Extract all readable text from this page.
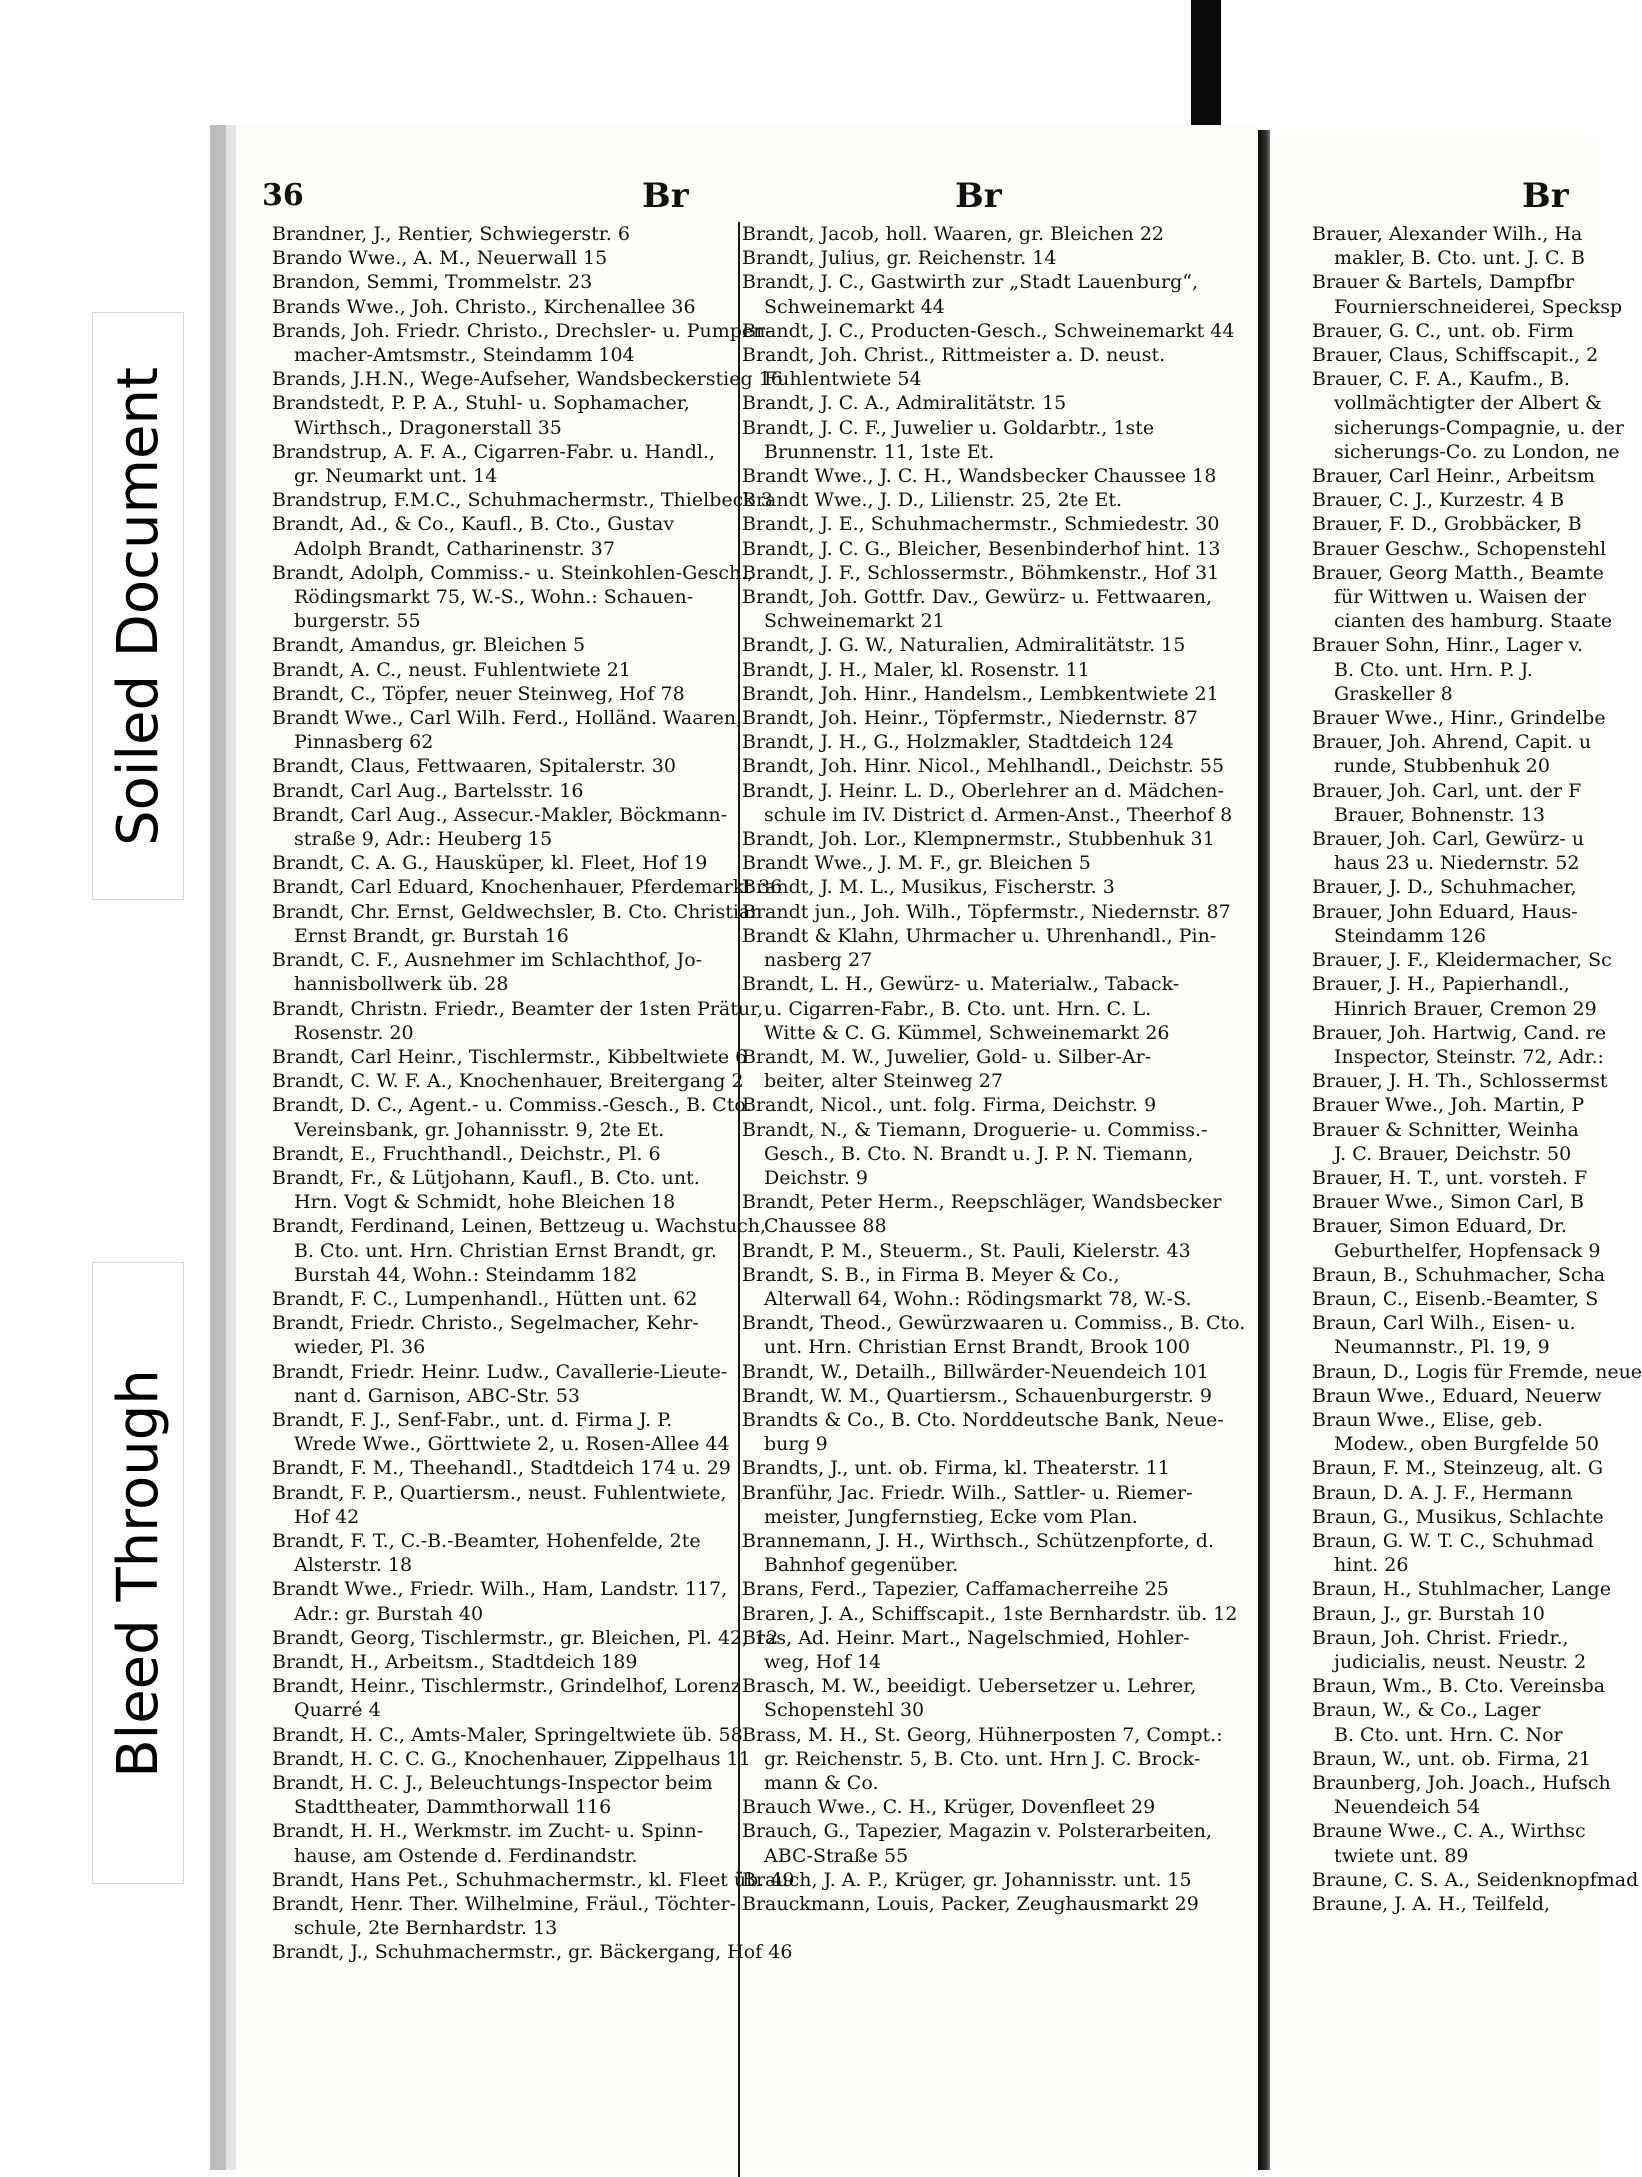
36	Br	Br	Br
Brandner, J., Rentier, Schwiegerstr. 6
Brando Wwe., A. M., Neuerwall 15
Brandon, Semmi, Trommelstr. 23
Brands Wwe., Joh. Christo., Kirchenallee 36
Brands, Joh. Friedr. Christo., Drechsler- u. Pumpen-
macher-Amtsmstr., Steindamm 104
Brands, J.H.N., Wege-Aufseher, Wandsbeckerstieg 16
Brandstedt, P. P. A., Stuhl- u. Sophamacher,
Wirthsch., Dragonerstall 35
Brandstrup, A. F. A., Cigarren-Fabr. u. Handl.,
gr. Neumarkt unt. 14
Brandstrup, F.M.C., Schuhmachermstr., Thielbeck 3
Brandt, Ad., & Co., Kaufl., B. Cto., Gustav
Adolph Brandt, Catharinenstr. 37
Brandt, Adolph, Commiss.- u. Steinkohlen-Gesch.,
Rödingsmarkt 75, W.-S., Wohn.: Schauen-
burgerstr. 55
Brandt, Amandus, gr. Bleichen 5
Brandt, A. C., neust. Fuhlentwiete 21
Brandt, C., Töpfer, neuer Steinweg, Hof 78
Brandt Wwe., Carl Wilh. Ferd., Holländ. Waaren,
Pinnasberg 62
Brandt, Claus, Fettwaaren, Spitalerstr. 30
Brandt, Carl Aug., Bartelsstr. 16
Brandt, Carl Aug., Assecur.-Makler, Böckmann-
straße 9, Adr.: Heuberg 15
Brandt, C. A. G., Hausküper, kl. Fleet, Hof 19
Brandt, Carl Eduard, Knochenhauer, Pferdemarkt 36
Brandt, Chr. Ernst, Geldwechsler, B. Cto. Christian
Ernst Brandt, gr. Burstah 16
Brandt, C. F., Ausnehmer im Schlachthof, Jo-
hannisbollwerk üb. 28
Brandt, Christn. Friedr., Beamter der 1sten Prätur,
Rosenstr. 20
Brandt, Carl Heinr., Tischlermstr., Kibbeltwiete 6
Brandt, C. W. F. A., Knochenhauer, Breitergang 2
Brandt, D. C., Agent.- u. Commiss.-Gesch., B. Cto.
Vereinsbank, gr. Johannisstr. 9, 2te Et.
Brandt, E., Fruchthandl., Deichstr., Pl. 6
Brandt, Fr., & Lütjohann, Kaufl., B. Cto. unt.
Hrn. Vogt & Schmidt, hohe Bleichen 18
Brandt, Ferdinand, Leinen, Bettzeug u. Wachstuch,
B. Cto. unt. Hrn. Christian Ernst Brandt, gr.
Burstah 44, Wohn.: Steindamm 182
Brandt, F. C., Lumpenhandl., Hütten unt. 62
Brandt, Friedr. Christo., Segelmacher, Kehr-
wieder, Pl. 36
Brandt, Friedr. Heinr. Ludw., Cavallerie-Lieute-
nant d. Garnison, ABC-Str. 53
Brandt, F. J., Senf-Fabr., unt. d. Firma J. P.
Wrede Wwe., Görttwiete 2, u. Rosen-Allee 44
Brandt, F. M., Theehandl., Stadtdeich 174 u. 29
Brandt, F. P., Quartiersm., neust. Fuhlentwiete,
Hof 42
Brandt, F. T., C.-B.-Beamter, Hohenfelde, 2te
Alsterstr. 18
Brandt Wwe., Friedr. Wilh., Ham, Landstr. 117,
Adr.: gr. Burstah 40
Brandt, Georg, Tischlermstr., gr. Bleichen, Pl. 42, 12
Brandt, H., Arbeitsm., Stadtdeich 189
Brandt, Heinr., Tischlermstr., Grindelhof, Lorenz
Quarré 4
Brandt, H. C., Amts-Maler, Springeltwiete üb. 58
Brandt, H. C. C. G., Knochenhauer, Zippelhaus 11
Brandt, H. C. J., Beleuchtungs-Inspector beim
Stadttheater, Dammthorwall 116
Brandt, H. H., Werkmstr. im Zucht- u. Spinn-
hause, am Ostende d. Ferdinandstr.
Brandt, Hans Pet., Schuhmachermstr., kl. Fleet üb. 49
Brandt, Henr. Ther. Wilhelmine, Fräul., Töchter-
schule, 2te Bernhardstr. 13
Brandt, J., Schuhmachermstr., gr. Bäckergang, Hof 46
Brandt, Jacob, holl. Waaren, gr. Bleichen 22
Brandt, Julius, gr. Reichenstr. 14
Brandt, J. C., Gastwirth zur „Stadt Lauenburg“,
Schweinemarkt 44
Brandt, J. C., Producten-Gesch., Schweinemarkt 44
Brandt, Joh. Christ., Rittmeister a. D. neust.
Fuhlentwiete 54
Brandt, J. C. A., Admiralitätstr. 15
Brandt, J. C. F., Juwelier u. Goldarbtr., 1ste
Brunnenstr. 11, 1ste Et.
Brandt Wwe., J. C. H., Wandsbecker Chaussee 18
Brandt Wwe., J. D., Lilienstr. 25, 2te Et.
Brandt, J. E., Schuhmachermstr., Schmiedestr. 30
Brandt, J. C. G., Bleicher, Besenbinderhof hint. 13
Brandt, J. F., Schlossermstr., Böhmkenstr., Hof 31
Brandt, Joh. Gottfr. Dav., Gewürz- u. Fettwaaren,
Schweinemarkt 21
Brandt, J. G. W., Naturalien, Admiralitätstr. 15
Brandt, J. H., Maler, kl. Rosenstr. 11
Brandt, Joh. Hinr., Handelsm., Lembkentwiete 21
Brandt, Joh. Heinr., Töpfermstr., Niedernstr. 87
Brandt, J. H., G., Holzmakler, Stadtdeich 124
Brandt, Joh. Hinr. Nicol., Mehlhandl., Deichstr. 55
Brandt, J. Heinr. L. D., Oberlehrer an d. Mädchen-
schule im IV. District d. Armen-Anst., Theerhof 8
Brandt, Joh. Lor., Klempnermstr., Stubbenhuk 31
Brandt Wwe., J. M. F., gr. Bleichen 5
Brandt, J. M. L., Musikus, Fischerstr. 3
Brandt jun., Joh. Wilh., Töpfermstr., Niedernstr. 87
Brandt & Klahn, Uhrmacher u. Uhrenhandl., Pin-
nasberg 27
Brandt, L. H., Gewürz- u. Materialw., Taback-
u. Cigarren-Fabr., B. Cto. unt. Hrn. C. L.
Witte & C. G. Kümmel, Schweinemarkt 26
Brandt, M. W., Juwelier, Gold- u. Silber-Ar-
beiter, alter Steinweg 27
Brandt, Nicol., unt. folg. Firma, Deichstr. 9
Brandt, N., & Tiemann, Droguerie- u. Commiss.-
Gesch., B. Cto. N. Brandt u. J. P. N. Tiemann,
Deichstr. 9
Brandt, Peter Herm., Reepschläger, Wandsbecker
Chaussee 88
Brandt, P. M., Steuerm., St. Pauli, Kielerstr. 43
Brandt, S. B., in Firma B. Meyer & Co.,
Alterwall 64, Wohn.: Rödingsmarkt 78, W.-S.
Brandt, Theod., Gewürzwaaren u. Commiss., B. Cto.
unt. Hrn. Christian Ernst Brandt, Brook 100
Brandt, W., Detailh., Billwärder-Neuendeich 101
Brandt, W. M., Quartiersm., Schauenburgerstr. 9
Brandts & Co., B. Cto. Norddeutsche Bank, Neue-
burg 9
Brandts, J., unt. ob. Firma, kl. Theaterstr. 11
Branführ, Jac. Friedr. Wilh., Sattler- u. Riemer-
meister, Jungfernstieg, Ecke vom Plan.
Brannemann, J. H., Wirthsch., Schützenpforte, d.
Bahnhof gegenüber.
Brans, Ferd., Tapezier, Caffamacherreihe 25
Braren, J. A., Schiffscapit., 1ste Bernhardstr. üb. 12
Bras, Ad. Heinr. Mart., Nagelschmied, Hohler-
weg, Hof 14
Brasch, M. W., beeidigt. Uebersetzer u. Lehrer,
Schopenstehl 30
Brass, M. H., St. Georg, Hühnerposten 7, Compt.:
gr. Reichenstr. 5, B. Cto. unt. Hrn J. C. Brock-
mann & Co.
Brauch Wwe., C. H., Krüger, Dovenfleet 29
Brauch, G., Tapezier, Magazin v. Polsterarbeiten,
ABC-Straße 55
Brauch, J. A. P., Krüger, gr. Johannisstr. unt. 15
Brauckmann, Louis, Packer, Zeughausmarkt 29
Brauer, Alexander Wilh., Ha
makler, B. Cto. unt. J. C. B
Brauer & Bartels, Dampfbr
Fournierschneiderei, Specksp
Brauer, G. C., unt. ob. Firm
Brauer, Claus, Schiffscapit., 2
Brauer, C. F. A., Kaufm., B.
vollmächtigter der Albert &
sicherungs-Compagnie, u. der
sicherungs-Co. zu London, ne
Brauer, Carl Heinr., Arbeitsm
Brauer, C. J., Kurzestr. 4 B
Brauer, F. D., Grobbäcker, B
Brauer Geschw., Schopenstehl
Brauer, Georg Matth., Beamte
für Wittwen u. Waisen der
cianten des hamburg. Staate
Brauer Sohn, Hinr., Lager v.
B. Cto. unt. Hrn. P. J.
Graskeller 8
Brauer Wwe., Hinr., Grindelbe
Brauer, Joh. Ahrend, Capit. u
runde, Stubbenhuk 20
Brauer, Joh. Carl, unt. der F
Brauer, Bohnenstr. 13
Brauer, Joh. Carl, Gewürz- u
haus 23 u. Niedernstr. 52
Brauer, J. D., Schuhmacher,
Brauer, John Eduard, Haus-
Steindamm 126
Brauer, J. F., Kleidermacher, Sc
Brauer, J. H., Papierhandl.,
Hinrich Brauer, Cremon 29
Brauer, Joh. Hartwig, Cand. re
Inspector, Steinstr. 72, Adr.:
Brauer, J. H. Th., Schlossermst
Brauer Wwe., Joh. Martin, P
Brauer & Schnitter, Weinha
J. C. Brauer, Deichstr. 50
Brauer, H. T., unt. vorsteh. F
Brauer Wwe., Simon Carl, B
Brauer, Simon Eduard, Dr.
Geburthelfer, Hopfensack 9
Braun, B., Schuhmacher, Scha
Braun, C., Eisenb.-Beamter, S
Braun, Carl Wilh., Eisen- u.
Neumannstr., Pl. 19, 9
Braun, D., Logis für Fremde, neue
Braun Wwe., Eduard, Neuerw
Braun Wwe., Elise, geb.
Modew., oben Burgfelde 50
Braun, F. M., Steinzeug, alt. G
Braun, D. A. J. F., Hermann
Braun, G., Musikus, Schlachte
Braun, G. W. T. C., Schuhmad
hint. 26
Braun, H., Stuhlmacher, Lange
Braun, J., gr. Burstah 10
Braun, Joh. Christ. Friedr.,
judicialis, neust. Neustr. 2
Braun, Wm., B. Cto. Vereinsba
Braun, W., & Co., Lager
B. Cto. unt. Hrn. C. Nor
Braun, W., unt. ob. Firma, 21
Braunberg, Joh. Joach., Hufsch
Neuendeich 54
Braune Wwe., C. A., Wirthsc
twiete unt. 89
Braune, C. S. A., Seidenknopfmad
Braune, J. A. H., Teilfeld,
Soiled Document
Bleed Through
